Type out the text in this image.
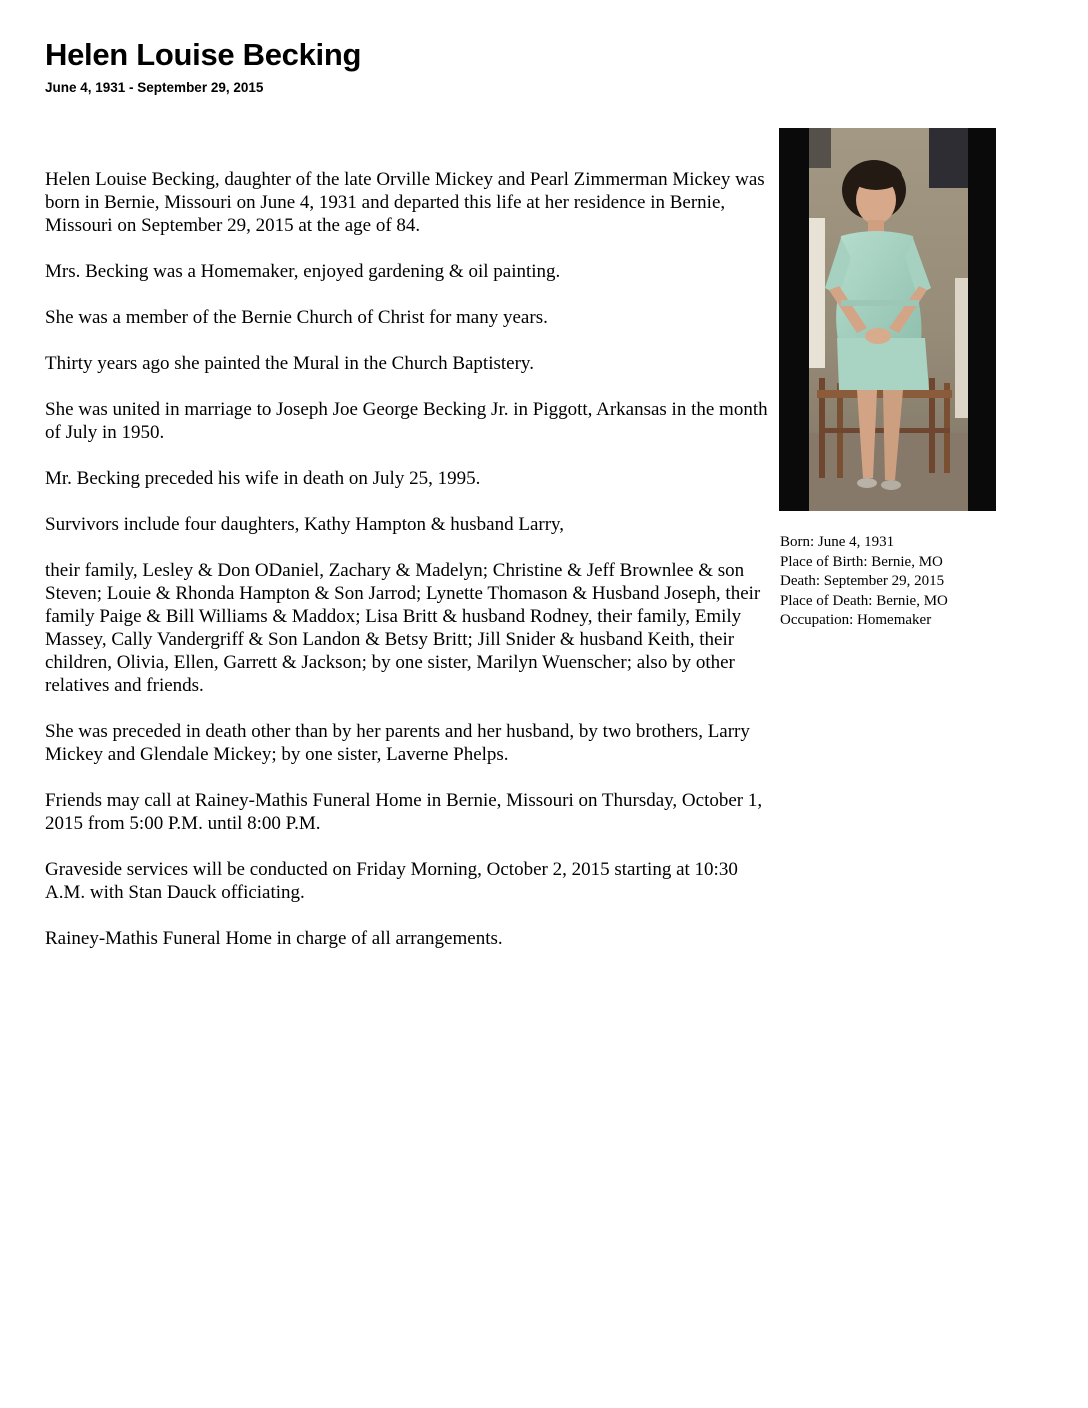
Helen Louise Becking
June 4, 1931 - September 29, 2015

Helen Louise Becking, daughter of the late Orville Mickey and Pearl Zimmerman Mickey was born in Bernie, Missouri on June 4, 1931 and departed this life at her residence in Bernie, Missouri on September 29, 2015 at the age of 84.

Mrs. Becking was a Homemaker, enjoyed gardening & oil painting.

She was a member of the Bernie Church of Christ for many years.

Thirty years ago she painted the Mural in the Church Baptistery.

She was united in marriage to Joseph Joe George Becking Jr. in Piggott, Arkansas in the month of July in 1950.

Mr. Becking preceded his wife in death on July 25, 1995.

Survivors include four daughters, Kathy Hampton & husband Larry,

their family, Lesley & Don ODaniel, Zachary & Madelyn; Christine & Jeff Brownlee & son Steven; Louie & Rhonda Hampton & Son Jarrod; Lynette Thomason & Husband Joseph, their family Paige & Bill Williams & Maddox; Lisa Britt & husband Rodney, their family, Emily Massey, Cally Vandergriff & Son Landon & Betsy Britt; Jill Snider & husband Keith, their children, Olivia, Ellen, Garrett & Jackson; by one sister, Marilyn Wuenscher; also by other relatives and friends.

She was preceded in death other than by her parents and her husband, by two brothers, Larry Mickey and Glendale Mickey; by one sister, Laverne Phelps.

Friends may call at Rainey-Mathis Funeral Home in Bernie, Missouri on Thursday, October 1, 2015 from 5:00 P.M. until 8:00 P.M.

Graveside services will be conducted on Friday Morning, October 2, 2015 starting at 10:30 A.M. with Stan Dauck officiating.

Rainey-Mathis Funeral Home in charge of all arrangements.

Born: June 4, 1931
Place of Birth: Bernie, MO
Death: September 29, 2015
Place of Death: Bernie, MO
Occupation: Homemaker
